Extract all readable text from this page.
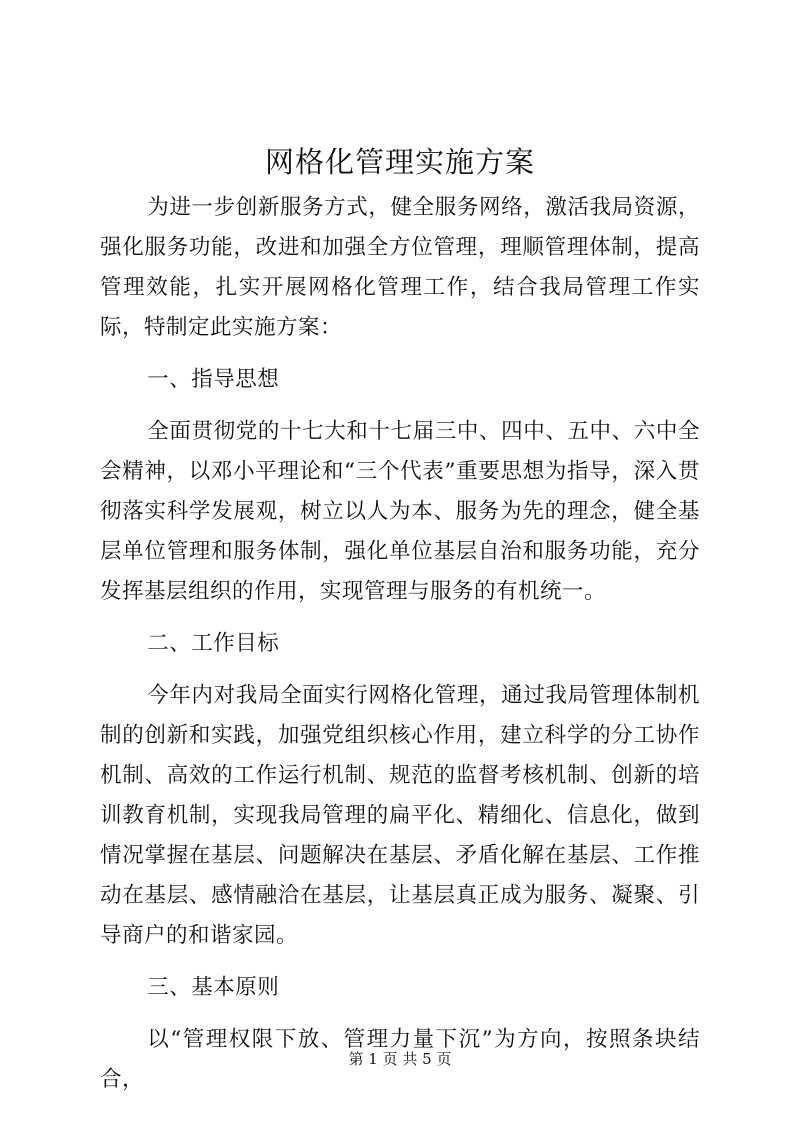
网格化管理实施方案

为进一步创新服务方式，健全服务网络，激活我局资源，强化服务功能，改进和加强全方位管理，理顺管理体制，提高管理效能，扎实开展网格化管理工作，结合我局管理工作实际，特制定此实施方案：

一、指导思想

全面贯彻党的十七大和十七届三中、四中、五中、六中全会精神，以邓小平理论和“三个代表”重要思想为指导，深入贯彻落实科学发展观，树立以人为本、服务为先的理念，健全基层单位管理和服务体制，强化单位基层自治和服务功能，充分发挥基层组织的作用，实现管理与服务的有机统一。

二、工作目标

今年内对我局全面实行网格化管理，通过我局管理体制机制的创新和实践，加强党组织核心作用，建立科学的分工协作机制、高效的工作运行机制、规范的监督考核机制、创新的培训教育机制，实现我局管理的扁平化、精细化、信息化，做到情况掌握在基层、问题解决在基层、矛盾化解在基层、工作推动在基层、感情融洽在基层，让基层真正成为服务、凝聚、引导商户的和谐家园。

三、基本原则

以“管理权限下放、管理力量下沉”为方向，按照条块结合，

第 1 页 共 5 页
